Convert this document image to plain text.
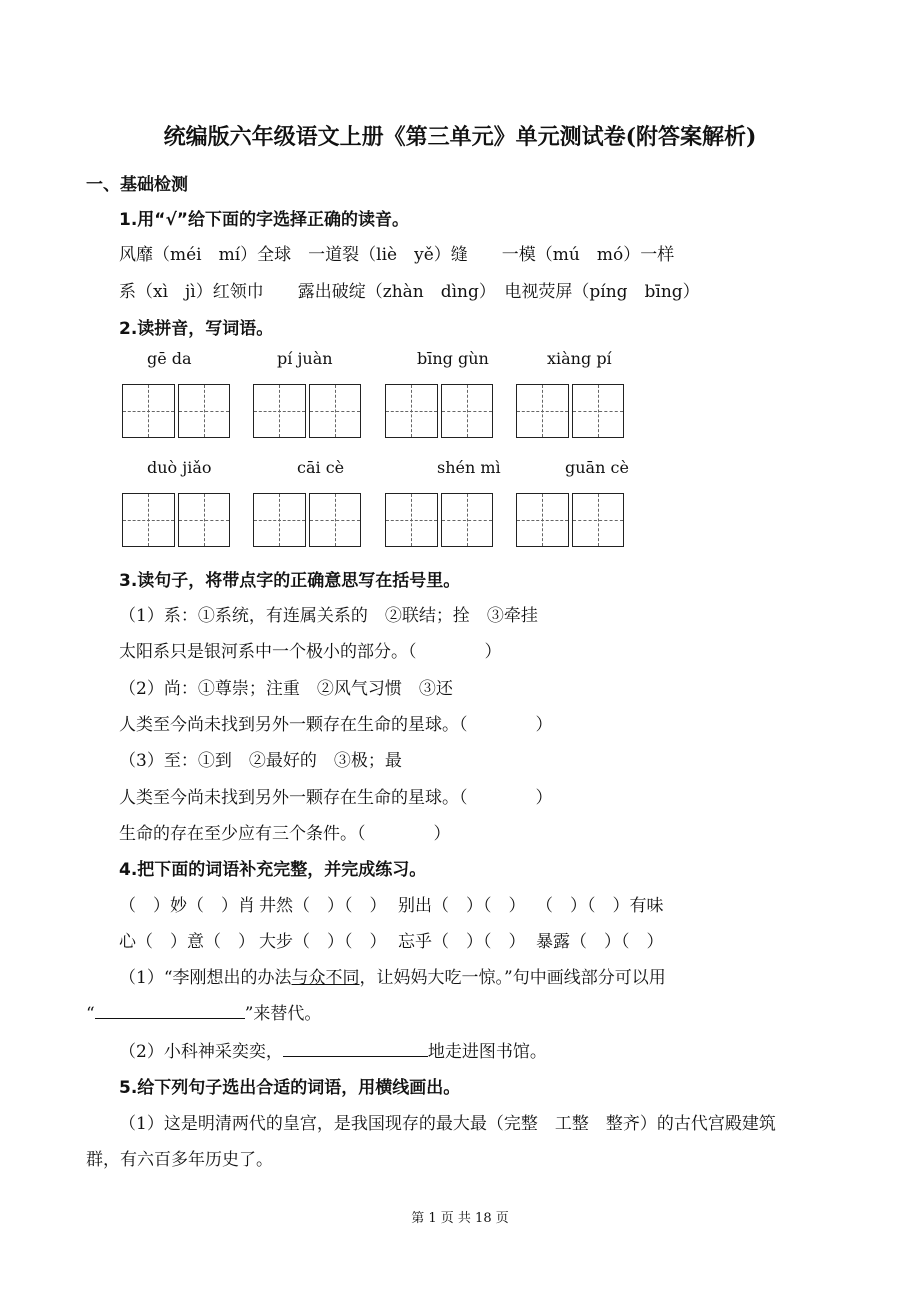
统编版六年级语文上册《第三单元》单元测试卷(附答案解析)
一、基础检测
1.用“√”给下面的字选择正确的读音。
风靡（méi　mí）全球　一道裂（liè　yě）缝　　一模（mú　mó）一样
系（xì　jì）红领巾　　露出破绽（zhàn　dìng）　电视荧屏（píng　bīng）
2.读拼音，写词语。
gē da	pí juàn	bīng gùn	xiàng pí
duò jiǎo	cāi cè	shén mì	guān cè
3.读句子，将带点字的正确意思写在括号里。
（1）系：①系统，有连属关系的　②联结；拴　③牵挂
太阳系只是银河系中一个极小的部分。（　　　　）
（2）尚：①尊崇；注重　②风气习惯　③还
人类至今尚未找到另外一颗存在生命的星球。（　　　　）
（3）至：①到　②最好的　③极；最
人类至今尚未找到另外一颗存在生命的星球。（　　　　）
生命的存在至少应有三个条件。（　　　　）
4.把下面的词语补充完整，并完成练习。
（　）妙（　）肖 井然（　）（　） 别出（　）（　） （　）（　）有味
心（　）意（　） 大步（　）（　） 忘乎（　）（　） 暴露（　）（　）
（1）“李刚想出的办法与众不同，让妈妈大吃一惊。”句中画线部分可以用
“	”来替代。
（2）小科神采奕奕，	地走进图书馆。
5.给下列句子选出合适的词语，用横线画出。
（1）这是明清两代的皇宫，是我国现存的最大最（完整　工整　整齐）的古代宫殿建筑
群，有六百多年历史了。
第 1 页 共 18 页
